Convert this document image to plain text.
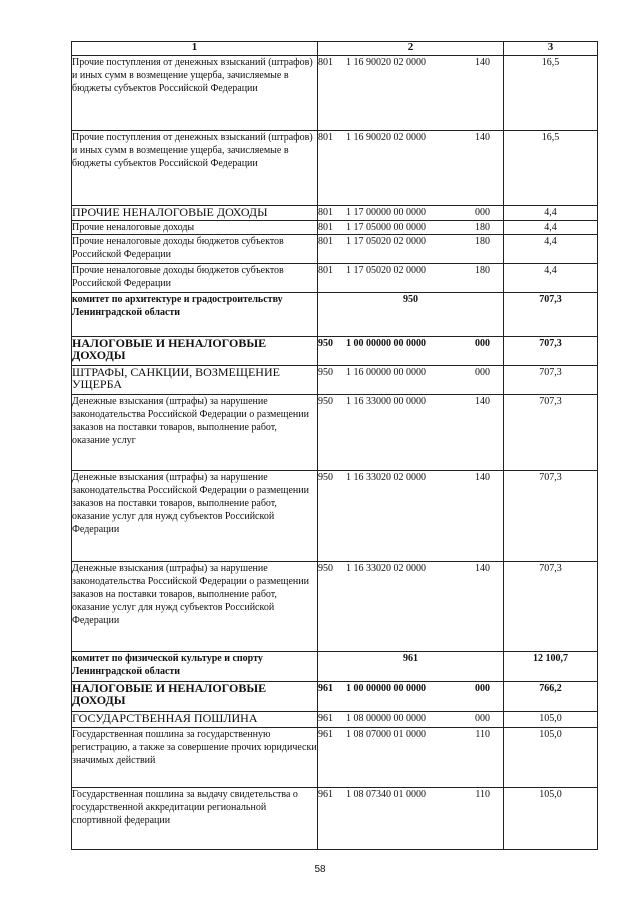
1	2	3
Прочие поступления от денежных взысканий (штрафов) и иных сумм в возмещение ущерба, зачисляемые в бюджеты субъектов Российской Федерации	801 1 16 90020 02 0000 140	16,5
Прочие поступления от денежных взысканий (штрафов) и иных сумм в возмещение ущерба, зачисляемые в бюджеты субъектов Российской Федерации	801 1 16 90020 02 0000 140	16,5
ПРОЧИЕ НЕНАЛОГОВЫЕ ДОХОДЫ	801 1 17 00000 00 0000 000	4,4
Прочие неналоговые доходы	801 1 17 05000 00 0000 180	4,4
Прочие неналоговые доходы бюджетов субъектов Российской Федерации	801 1 17 05020 02 0000 180	4,4
Прочие неналоговые доходы бюджетов субъектов Российской Федерации	801 1 17 05020 02 0000 180	4,4
комитет по архитектуре и градостроительству Ленинградской области	950	707,3
НАЛОГОВЫЕ И НЕНАЛОГОВЫЕ ДОХОДЫ	950 1 00 00000 00 0000 000	707,3
ШТРАФЫ, САНКЦИИ, ВОЗМЕЩЕНИЕ УЩЕРБА	950 1 16 00000 00 0000 000	707,3
Денежные взыскания (штрафы) за нарушение законодательства Российской Федерации о размещении заказов на поставки товаров, выполнение работ, оказание услуг	950 1 16 33000 00 0000 140	707,3
Денежные взыскания (штрафы) за нарушение законодательства Российской Федерации о размещении заказов на поставки товаров, выполнение работ, оказание услуг для нужд субъектов Российской Федерации	950 1 16 33020 02 0000 140	707,3
Денежные взыскания (штрафы) за нарушение законодательства Российской Федерации о размещении заказов на поставки товаров, выполнение работ, оказание услуг для нужд субъектов Российской Федерации	950 1 16 33020 02 0000 140	707,3
комитет по физической культуре и спорту Ленинградской области	961	12 100,7
НАЛОГОВЫЕ И НЕНАЛОГОВЫЕ ДОХОДЫ	961 1 00 00000 00 0000 000	766,2
ГОСУДАРСТВЕННАЯ ПОШЛИНА	961 1 08 00000 00 0000 000	105,0
Государственная пошлина за государственную регистрацию, а также за совершение прочих юридически значимых действий	961 1 08 07000 01 0000 110	105,0
Государственная пошлина за выдачу свидетельства о государственной аккредитации региональной спортивной федерации	961 1 08 07340 01 0000 110	105,0
58
